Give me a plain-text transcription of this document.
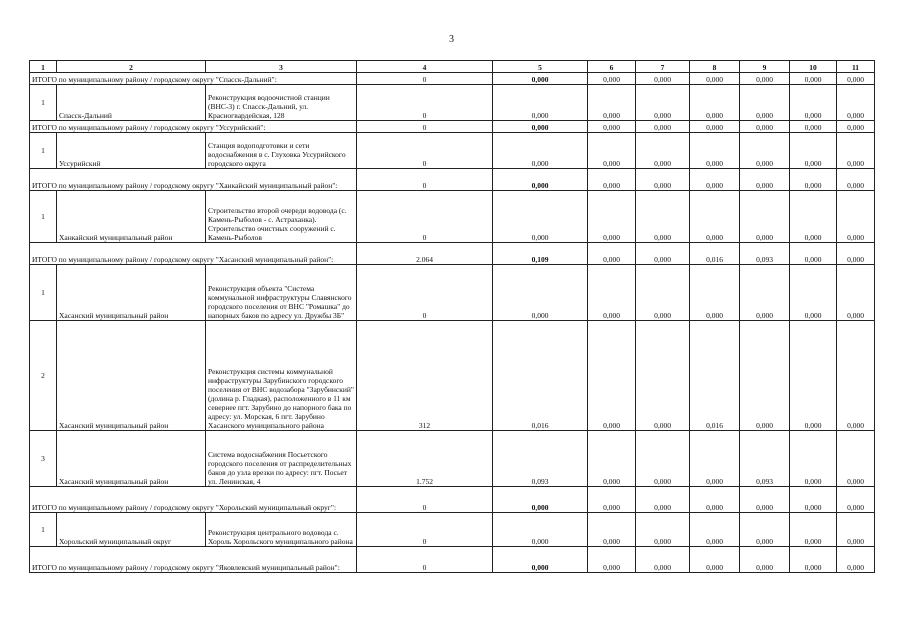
3
1	2	3	4	5	6	7	8	9	10	11
ИТОГО по муниципальному району / городскому округу "Спасск-Дальний":			0	0,000	0,000	0,000	0,000	0,000	0,000	0,000
1	Спасск-Дальний	Реконструкция водоочистной станции (ВНС-3) г. Спасск-Дальний, ул. Красногвардейская, 128	0	0,000	0,000	0,000	0,000	0,000	0,000	0,000
ИТОГО по муниципальному району / городскому округу "Уссурийский":			0	0,000	0,000	0,000	0,000	0,000	0,000	0,000
1	Уссурийский	Станция водоподготовки и сети водоснабжения в с. Глуховка Уссурийского городского округа	0	0,000	0,000	0,000	0,000	0,000	0,000	0,000
ИТОГО по муниципальному району / городскому округу "Ханкайский муниципальный район":			0	0,000	0,000	0,000	0,000	0,000	0,000	0,000
1	Ханкайский муниципальный район	Строительство второй очереди водовода (с. Камень-Рыболов - с. Астраханка). Строительство очистных сооружений с. Камень-Рыболов	0	0,000	0,000	0,000	0,000	0,000	0,000	0,000
ИТОГО по муниципальному району / городскому округу "Хасанский муниципальный район":			2.064	0,109	0,000	0,000	0,016	0,093	0,000	0,000
1	Хасанский муниципальный район	Реконструкция объекта "Система коммунальной инфраструктуры Славянского городского поселения от ВНС "Ромашка" до напорных баков по адресу ул. Дружбы 3Б"	0	0,000	0,000	0,000	0,000	0,000	0,000	0,000
2	Хасанский муниципальный район	Реконструкция системы коммунальной инфраструктуры Зарубинского городского поселения от ВНС водозабора "Зарубинский" (долина р. Гладкая), расположенного в 11 км севернее пгт. Зарубино до напорного бака по адресу: ул. Морская, 6 пгт. Зарубино Хасанского муниципального района	312	0,016	0,000	0,000	0,016	0,000	0,000	0,000
3	Хасанский муниципальный район	Система водоснабжения Посьетского городского поселения от распределительных баков до узла врезки по адресу: пгт. Посьет ул. Ленинская, 4	1.752	0,093	0,000	0,000	0,000	0,093	0,000	0,000
ИТОГО по муниципальному району / городскому округу "Хорольский муниципальный округ":			0	0,000	0,000	0,000	0,000	0,000	0,000	0,000
1	Хорольский муниципальный округ	Реконструкция центрального водовода с. Хороль Хорольского муниципального района	0	0,000	0,000	0,000	0,000	0,000	0,000	0,000
ИТОГО по муниципальному району / городскому округу "Яковлевский муниципальный район":			0	0,000	0,000	0,000	0,000	0,000	0,000	0,000
